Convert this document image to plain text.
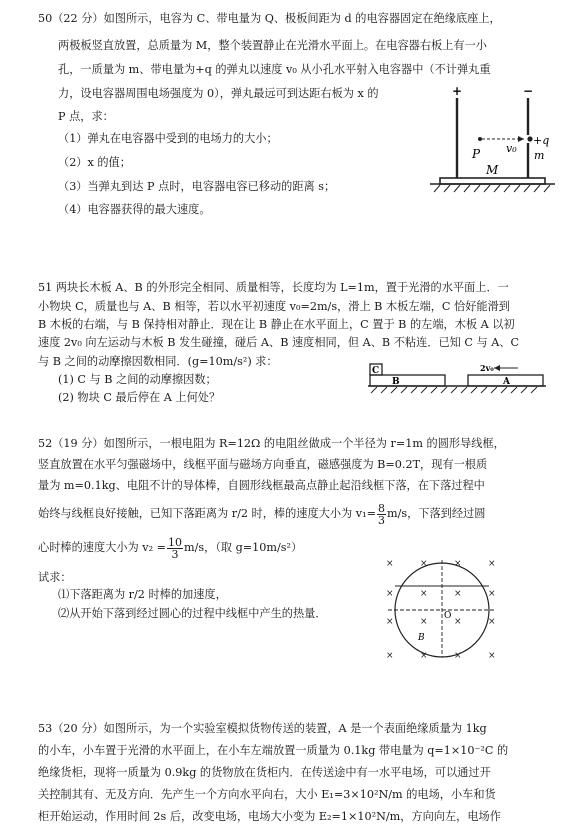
50（22 分）如图所示，电容为 C、带电量为 Q、极板间距为 d 的电容器固定在绝缘底座上，
两极板竖直放置，总质量为 M，整个装置静止在光滑水平面上。在电容器右板上有一小
孔，一质量为 m、带电量为+q 的弹丸以速度 v₀ 从小孔水平射入电容器中（不计弹丸重
力，设电容器周围电场强度为 0），弹丸最远可到达距右板为 x 的
P 点，求：
（1）弹丸在电容器中受到的电场力的大小；
（2）x 的值；
（3）当弹丸到达 P 点时，电容器电容已移动的距离 s；
（4）电容器获得的最大速度。
+	−
P v₀
+q
m
M
51 两块长木板 A、B 的外形完全相同、质量相等，长度均为 L=1m，置于光滑的水平面上．一
小物块 C，质量也与 A、B 相等，若以水平初速度 v₀=2m/s，滑上 B 木板左端，C 恰好能滑到
B 木板的右端，与 B 保持相对静止．现在让 B 静止在水平面上，C 置于 B 的左端，木板 A 以初
速度 2v₀ 向左运动与木板 B 发生碰撞，碰后 A、B 速度相同，但 A、B 不粘连．已知 C 与 A、C
与 B 之间的动摩擦因数相同．(g=10m/s²) 求：
(1) C 与 B 之间的动摩擦因数；
(2) 物块 C 最后停在 A 上何处？
C
B	A
2v₀
52（19 分）如图所示，一根电阻为 R=12Ω 的电阻丝做成一个半径为 r=1m 的圆形导线框，
竖直放置在水平匀强磁场中，线框平面与磁场方向垂直，磁感强度为 B=0.2T，现有一根质
量为 m=0.1kg、电阻不计的导体棒，自圆形线框最高点静止起沿线框下落，在下落过程中
始终与线框良好接触，已知下落距离为 r/2 时，棒的速度大小为 $v_1= \frac{8}{3} m/s$，下落到经过圆
心时棒的速度大小为 $v_2 = \frac{10}{3} m/s$，（取 g=10m/s²）
试求：
⑴下落距离为 r/2 时棒的加速度，
⑵从开始下落到经过圆心的过程中线框中产生的热量．
×	×	×	×
×	×	×	×
×	×	×	×
×	×	×	×
O
B
53（20 分）如图所示，为一个实验室模拟货物传送的装置，A 是一个表面绝缘质量为 1kg
的小车，小车置于光滑的水平面上，在小车左端放置一质量为 0.1kg 带电量为 q=1×10⁻²C 的
绝缘货柜，现将一质量为 0.9kg 的货物放在货柜内．在传送途中有一水平电场，可以通过开
关控制其有、无及方向．先产生一个方向水平向右，大小 E₁=3×10²N/m 的电场，小车和货
柜开始运动，作用时间 2s 后，改变电场，电场大小变为 E₂=1×10²N/m，方向向左，电场作
